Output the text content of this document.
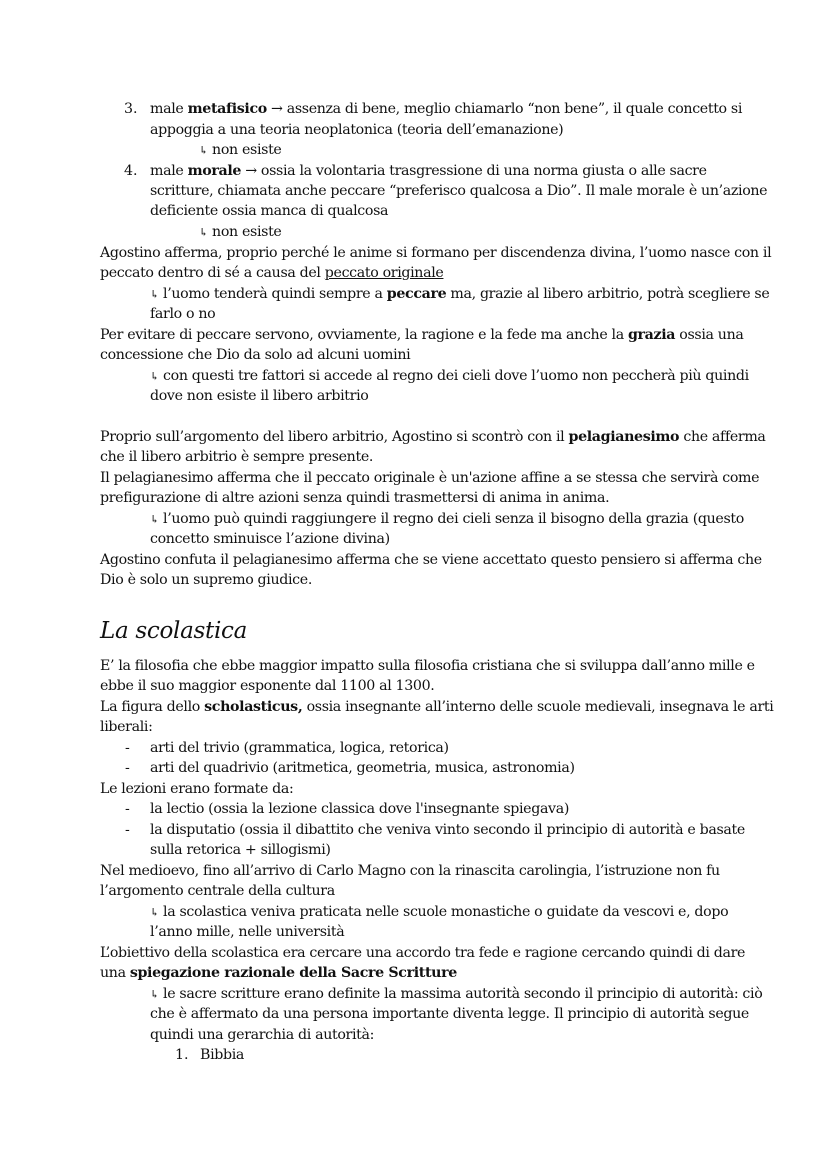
3. male metafisico → assenza di bene, meglio chiamarlo “non bene”, il quale concetto si
appoggia a una teoria neoplatonica (teoria dell’emanazione)
↳ non esiste
4. male morale → ossia la volontaria trasgressione di una norma giusta o alle sacre
scritture, chiamata anche peccare “preferisco qualcosa a Dio”. Il male morale è un’azione
deficiente ossia manca di qualcosa
↳ non esiste
Agostino afferma, proprio perché le anime si formano per discendenza divina, l’uomo nasce con il
peccato dentro di sé a causa del peccato originale
↳ l’uomo tenderà quindi sempre a peccare ma, grazie al libero arbitrio, potrà scegliere se
farlo o no
Per evitare di peccare servono, ovviamente, la ragione e la fede ma anche la grazia ossia una
concessione che Dio da solo ad alcuni uomini
↳ con questi tre fattori si accede al regno dei cieli dove l’uomo non peccherà più quindi
dove non esiste il libero arbitrio
Proprio sull’argomento del libero arbitrio, Agostino si scontrò con il pelagianesimo che afferma
che il libero arbitrio è sempre presente.
Il pelagianesimo afferma che il peccato originale è un'azione affine a se stessa che servirà come
prefigurazione di altre azioni senza quindi trasmettersi di anima in anima.
↳ l’uomo può quindi raggiungere il regno dei cieli senza il bisogno della grazia (questo
concetto sminuisce l’azione divina)
Agostino confuta il pelagianesimo afferma che se viene accettato questo pensiero si afferma che
Dio è solo un supremo giudice.
La scolastica
E’ la filosofia che ebbe maggior impatto sulla filosofia cristiana che si sviluppa dall’anno mille e
ebbe il suo maggior esponente dal 1100 al 1300.
La figura dello scholasticus, ossia insegnante all’interno delle scuole medievali, insegnava le arti
liberali:
- arti del trivio (grammatica, logica, retorica)
- arti del quadrivio (aritmetica, geometria, musica, astronomia)
Le lezioni erano formate da:
- la lectio (ossia la lezione classica dove l'insegnante spiegava)
- la disputatio (ossia il dibattito che veniva vinto secondo il principio di autorità e basate
sulla retorica + sillogismi)
Nel medioevo, fino all’arrivo di Carlo Magno con la rinascita carolingia, l’istruzione non fu
l’argomento centrale della cultura
↳ la scolastica veniva praticata nelle scuole monastiche o guidate da vescovi e, dopo
l’anno mille, nelle università
L’obiettivo della scolastica era cercare una accordo tra fede e ragione cercando quindi di dare
una spiegazione razionale della Sacre Scritture
↳ le sacre scritture erano definite la massima autorità secondo il principio di autorità: ciò
che è affermato da una persona importante diventa legge. Il principio di autorità segue
quindi una gerarchia di autorità:
1. Bibbia
